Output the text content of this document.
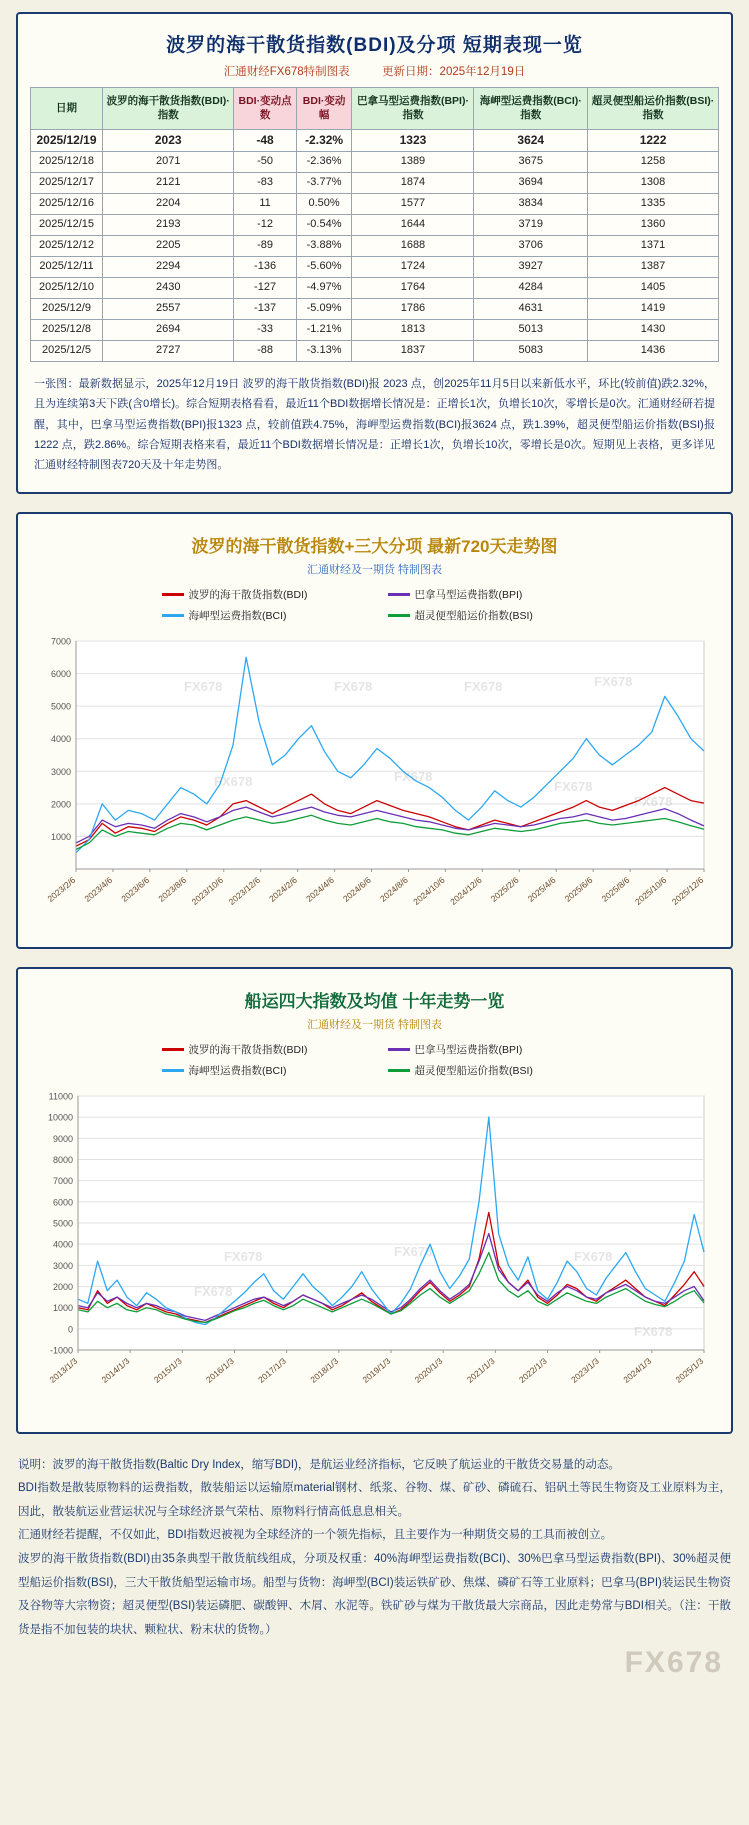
波罗的海干散货指数(BDI)及分项 短期表现一览
汇通财经FX678特制图表	更新日期：2025年12月19日
日期	波罗的海干散货指数(BDI)·指数	BDI·变动点数	BDI·变动幅	巴拿马型运费指数(BPI)·指数	海岬型运费指数(BCI)·指数	超灵便型船运价指数(BSI)·指数
2025/12/19	2023	-48	-2.32%	1323	3624	1222
2025/12/18	2071	-50	-2.36%	1389	3675	1258
2025/12/17	2121	-83	-3.77%	1874	3694	1308
2025/12/16	2204	11	0.50%	1577	3834	1335
2025/12/15	2193	-12	-0.54%	1644	3719	1360
2025/12/12	2205	-89	-3.88%	1688	3706	1371
2025/12/11	2294	-136	-5.60%	1724	3927	1387
2025/12/10	2430	-127	-4.97%	1764	4284	1405
2025/12/9	2557	-137	-5.09%	1786	4631	1419
2025/12/8	2694	-33	-1.21%	1813	5013	1430
2025/12/5	2727	-88	-3.13%	1837	5083	1436
一张图：最新数据显示，2025年12月19日 波罗的海干散货指数(BDI)报 2023 点，创2025年11月5日以来新低水平，环比(较前值)跌2.32%，且为连续第3天下跌(含0增长)。综合短期表格看看，最近11个BDI数据增长情况是：正增长1次，负增长10次，零增长是0次。汇通财经研若提醒，其中，巴拿马型运费指数(BPI)报1323 点，较前值跌4.75%，海岬型运费指数(BCI)报3624 点，跌1.39%，超灵便型船运价指数(BSI)报1222 点，跌2.86%。综合短期表格来看，最近11个BDI数据增长情况是：正增长1次，负增长10次，零增长是0次。短期见上表格，更多详见汇通财经特制图表720天及十年走势图。
波罗的海干散货指数+三大分项 最新720天走势图
汇通财经及一期货 特制图表
波罗的海干散货指数(BDI)	巴拿马型运费指数(BPI)
海岬型运费指数(BCI)	超灵便型船运价指数(BSI)
1000
2000
3000
4000
5000
6000
7000
FX678	FX678	FX678	FX678
FX678	FX678
FX678
FX678
2023/2/6 2023/4/6 2023/6/6 2023/8/6 2023/10/6 2023/12/6 2024/2/6 2024/4/6 2024/6/6 2024/8/6 2024/10/6 2024/12/6 2025/2/6 2025/4/6 2025/6/6 2025/8/6 2025/10/6 2025/12/6
船运四大指数及均值 十年走势一览
汇通财经及一期货 特制图表
波罗的海干散货指数(BDI)	巴拿马型运费指数(BPI)
海岬型运费指数(BCI)	超灵便型船运价指数(BSI)
-1000
0
1000
2000
3000
4000
5000
6000
7000
8000
9000
10000
11000
FX678	FX678
FX678
FX678
FX678
2013/1/3 2014/1/3 2015/1/3 2016/1/3 2017/1/3 2018/1/3 2019/1/3 2020/1/3 2021/1/3 2022/1/3 2023/1/3 2024/1/3 2025/1/3

说明：波罗的海干散货指数(Baltic Dry Index，缩写BDI)，是航运业经济指标，它反映了航运业的干散货交易量的动态。

BDI指数是散装原物料的运费指数，散装船运以运输原material钢材、纸浆、谷物、煤、矿砂、磷硫石、铝矾土等民生物资及工业原料为主，因此，散装航运业营运状况与全球经济景气荣枯、原物料行情高低息息相关。

汇通财经若提醒，不仅如此，BDI指数迟被视为全球经济的一个领先指标，且主要作为一种期货交易的工具而被创立。

波罗的海干散货指数(BDI)由35条典型干散货航线组成，分项及权重：40%海岬型运费指数(BCI)、30%巴拿马型运费指数(BPI)、30%超灵便型船运价指数(BSI)，三大干散货船型运输市场。船型与货物：海岬型(BCI)装运铁矿砂、焦煤、磷矿石等工业原料；巴拿马(BPI)装运民生物资及谷物等大宗物资；超灵便型(BSI)装运磷肥、碳酸钾、木屑、水泥等。铁矿砂与煤为干散货最大宗商品，因此走势常与BDI相关。（注：干散货是指不加包装的块状、颗粒状、粉末状的货物。）

FX678
